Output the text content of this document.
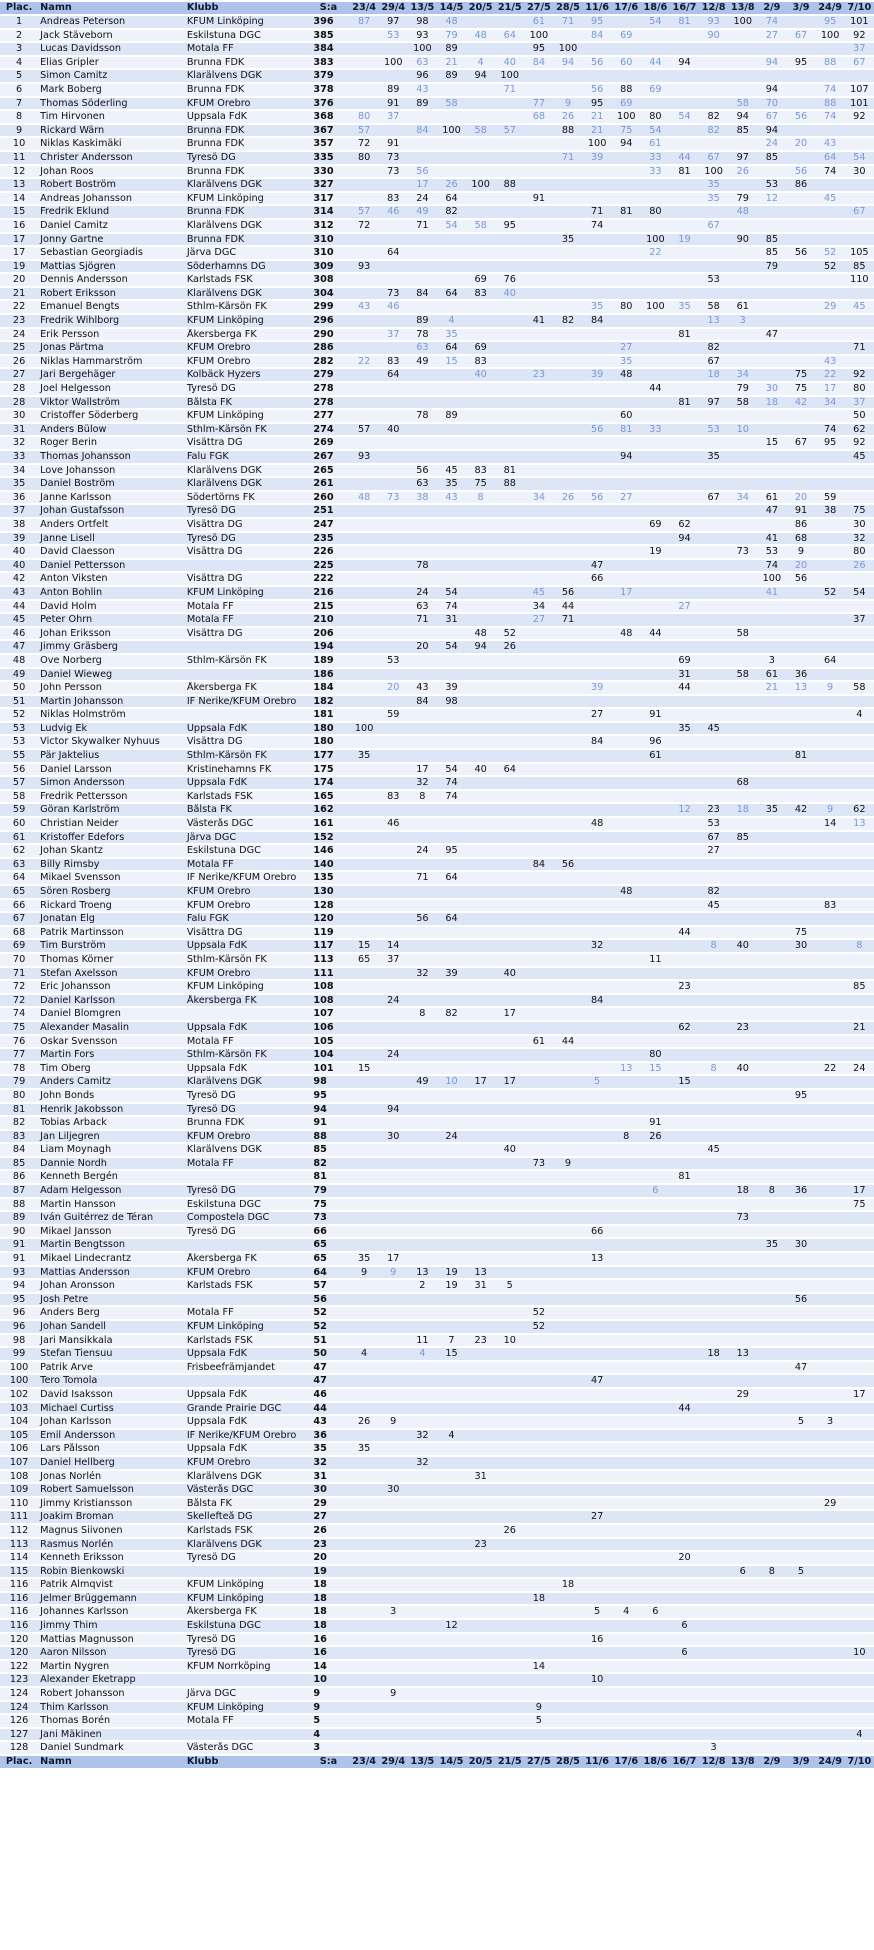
Plac.	Namn	Klubb	S:a	23/4	29/4	13/5	14/5	20/5	21/5	27/5	28/5	11/6	17/6	18/6	16/7	12/8	13/8	2/9	3/9	24/9	7/10
1	Andreas Peterson	KFUM Linköping	396	87	97	98	48			61	71	95		54	81	93	100	74		95	101
2	Jack Stäveborn	Eskilstuna DGC	385		53	93	79	48	64	100		84	69			90		27	67	100	92
3	Lucas Davidsson	Motala FF	384			100	89			95	100										37
4	Elias Gripler	Brunna FDK	383		100	63	21	4	40	84	94	56	60	44	94			94	95	88	67
5	Simon Camitz	Klarälvens DGK	379			96	89	94	100												
6	Mark Boberg	Brunna FDK	378		89	43			71			56	88	69				94		74	107
7	Thomas Söderling	KFUM Örebro	376		91	89	58			77	9	95	69				58	70		88	101
8	Tim Hirvonen	Uppsala FdK	368	80	37					68	26	21	100	80	54	82	94	67	56	74	92
9	Rickard Wärn	Brunna FDK	367	57		84	100	58	57		88	21	75	54		82	85	94			
10	Niklas Kaskimäki	Brunna FDK	357	72	91							100	94	61				24	20	43	
11	Christer Andersson	Tyresö DG	335	80	73						71	39		33	44	67	97	85		64	54
12	Johan Roos	Brunna FDK	330		73	56								33	81	100	26		56	74	30
13	Robert Boström	Klarälvens DGK	327			17	26	100	88							35		53	86		
14	Andreas Johansson	KFUM Linköping	317		83	24	64			91						35	79	12		45	
15	Fredrik Eklund	Brunna FDK	314	57	46	49	82					71	81	80			48				67
16	Daniel Camitz	Klarälvens DGK	312	72		71	54	58	95			74				67					
17	Jonny Gartne	Brunna FDK	310								35			100	19		90	85			
17	Sebastian Georgiadis	Järva DGC	310		64									22				85	56	52	105
19	Mattias Sjögren	Söderhamns DG	309	93														79		52	85
20	Dennis Andersson	Karlstads FSK	308					69	76							53					110
21	Robert Eriksson	Klarälvens DGK	304		73	84	64	83	40												
22	Emanuel Bengts	Sthlm-Kärsön FK	299	43	46							35	80	100	35	58	61			29	45
23	Fredrik Wihlborg	KFUM Linköping	296			89	4			41	82	84				13	3				
24	Erik Persson	Åkersberga FK	290		37	78	35								81			47			
25	Jonas Pärtma	KFUM Örebro	286			63	64	69					27			82					71
26	Niklas Hammarström	KFUM Örebro	282	22	83	49	15	83					35			67				43	
27	Jari Bergehäger	Kolbäck Hyzers	279		64			40		23		39	48			18	34		75	22	92
28	Joel Helgesson	Tyresö DG	278											44			79	30	75	17	80
28	Viktor Wallström	Bålsta FK	278												81	97	58	18	42	34	37
30	Cristoffer Söderberg	KFUM Linköping	277			78	89						60								50
31	Anders Bülow	Sthlm-Kärsön FK	274	57	40							56	81	33		53	10			74	62
32	Roger Berin	Visättra DG	269															15	67	95	92
33	Thomas Johansson	Falu FGK	267	93									94			35					45
34	Love Johansson	Klarälvens DGK	265			56	45	83	81												
35	Daniel Boström	Klarälvens DGK	261			63	35	75	88												
36	Janne Karlsson	Södertörns FK	260	48	73	38	43	8		34	26	56	27			67	34	61	20	59	
37	Johan Gustafsson	Tyresö DG	251															47	91	38	75
38	Anders Ortfelt	Visättra DG	247											69	62				86		30
39	Janne Lisell	Tyresö DG	235												94			41	68		32
40	David Claesson	Visättra DG	226											19			73	53	9		80
40	Daniel Pettersson		225			78						47						74	20		26
42	Anton Viksten	Visättra DG	222									66						100	56		
43	Anton Bohlin	KFUM Linköping	216			24	54			45	56		17					41		52	54
44	David Holm	Motala FF	215			63	74			34	44				27						
45	Peter Öhrn	Motala FF	210			71	31			27	71										37
46	Johan Eriksson	Visättra DG	206					48	52				48	44			58				
47	Jimmy Gräsberg		194			20	54	94	26												
48	Ove Norberg	Sthlm-Kärsön FK	189		53										69			3		64	
49	Daniel Wieweg		186												31		58	61	36		
50	John Persson	Åkersberga FK	184		20	43	39					39			44			21	13	9	58
51	Martin Johansson	IF Nerike/KFUM Örebro	182			84	98														
52	Niklas Holmström		181		59							27		91							4
53	Ludvig Ek	Uppsala FdK	180	100											35	45					
53	Victor Skywalker Nyhuus	Visättra DG	180									84		96							
55	Pär Jaktelius	Sthlm-Kärsön FK	177	35										61					81		
56	Daniel Larsson	Kristinehamns FK	175			17	54	40	64												
57	Simon Andersson	Uppsala FdK	174			32	74										68				
58	Fredrik Pettersson	Karlstads FSK	165		83	8	74														
59	Göran Karlström	Bålsta FK	162												12	23	18	35	42	9	62
60	Christian Neider	Västerås DGC	161		46							48				53				14	13
61	Kristoffer Edefors	Järva DGC	152													67	85				
62	Johan Skantz	Eskilstuna DGC	146			24	95									27					
63	Billy Rimsby	Motala FF	140							84	56										
64	Mikael Svensson	IF Nerike/KFUM Örebro	135			71	64														
65	Sören Rosberg	KFUM Örebro	130										48			82					
66	Rickard Troeng	KFUM Örebro	128													45				83	
67	Jonatan Elg	Falu FGK	120			56	64														
68	Patrik Martinsson	Visättra DG	119												44				75		
69	Tim Burström	Uppsala FdK	117	15	14							32				8	40		30		8
70	Thomas Körner	Sthlm-Kärsön FK	113	65	37									11							
71	Stefan Axelsson	KFUM Örebro	111			32	39		40												
72	Eric Johansson	KFUM Linköping	108												23						85
72	Daniel Karlsson	Åkersberga FK	108		24							84									
74	Daniel Blomgren		107			8	82		17												
75	Alexander Masalin	Uppsala FdK	106												62		23				21
76	Oskar Svensson	Motala FF	105							61	44										
77	Martin Fors	Sthlm-Kärsön FK	104		24									80							
78	Tim Öberg	Uppsala FdK	101	15									13	15		8	40			22	24
79	Anders Camitz	Klarälvens DGK	98			49	10	17	17			5			15						
80	John Bonds	Tyresö DG	95																95		
81	Henrik Jakobsson	Tyresö DG	94		94																
82	Tobias Arback	Brunna FDK	91											91							
83	Jan Liljegren	KFUM Örebro	88		30		24						8	26							
84	Liam Moynagh	Klarälvens DGK	85						40							45					
85	Dannie Nordh	Motala FF	82							73	9										
86	Kenneth Bergén		81												81						
87	Adam Helgesson	Tyresö DG	79											6			18	8	36		17
88	Martin Hansson	Eskilstuna DGC	75																		75
89	Iván Guitérrez de Téran	Compostela DGC	73														73				
90	Mikael Jansson	Tyresö DG	66									66									
91	Martin Bengtsson		65															35	30		
91	Mikael Lindecrantz	Åkersberga FK	65	35	17							13									
93	Mattias Andersson	KFUM Örebro	64	9	9	13	19	13													
94	Johan Aronsson	Karlstads FSK	57			2	19	31	5												
95	Josh Petre		56																56		
96	Anders Berg	Motala FF	52							52											
96	Johan Sandell	KFUM Linköping	52							52											
98	Jari Mansikkala	Karlstads FSK	51			11	7	23	10												
99	Stefan Tiensuu	Uppsala FdK	50	4		4	15									18	13				
100	Patrik Arve	Frisbeefrämjandet	47																47		
100	Tero Tomola		47									47									
102	David Isaksson	Uppsala FdK	46														29				17
103	Michael Curtiss	Grande Prairie DGC	44												44						
104	Johan Karlsson	Uppsala FdK	43	26	9														5	3	
105	Emil Andersson	IF Nerike/KFUM Örebro	36			32	4														
106	Lars Pålsson	Uppsala FdK	35	35																	
107	Daniel Hellberg	KFUM Örebro	32			32															
108	Jonas Norlén	Klarälvens DGK	31					31													
109	Robert Samuelsson	Västerås DGC	30		30																
110	Jimmy Kristiansson	Bålsta FK	29																	29	
111	Joakim Broman	Skellefteå DG	27									27									
112	Magnus Siivonen	Karlstads FSK	26						26												
113	Rasmus Norlén	Klarälvens DGK	23					23													
114	Kenneth Eriksson	Tyresö DG	20												20						
115	Robin Bienkowski		19														6	8	5		
116	Patrik Almqvist	KFUM Linköping	18								18										
116	Jelmer Brüggemann	KFUM Linköping	18							18											
116	Johannes Karlsson	Åkersberga FK	18		3							5	4	6							
116	Jimmy Thim	Eskilstuna DGC	18				12								6						
120	Mattias Magnusson	Tyresö DG	16									16									
120	Aaron Nilsson	Tyresö DG	16												6						10
122	Martin Nygren	KFUM Norrköping	14							14											
123	Alexander Eketrapp		10									10									
124	Robert Johansson	Järva DGC	9		9																
124	Thim Karlsson	KFUM Linköping	9							9											
126	Thomas Borén	Motala FF	5							5											
127	Jani Mäkinen		4																		4
128	Daniel Sundmark	Västerås DGC	3													3					
Plac.	Namn	Klubb	S:a	23/4	29/4	13/5	14/5	20/5	21/5	27/5	28/5	11/6	17/6	18/6	16/7	12/8	13/8	2/9	3/9	24/9	7/10
